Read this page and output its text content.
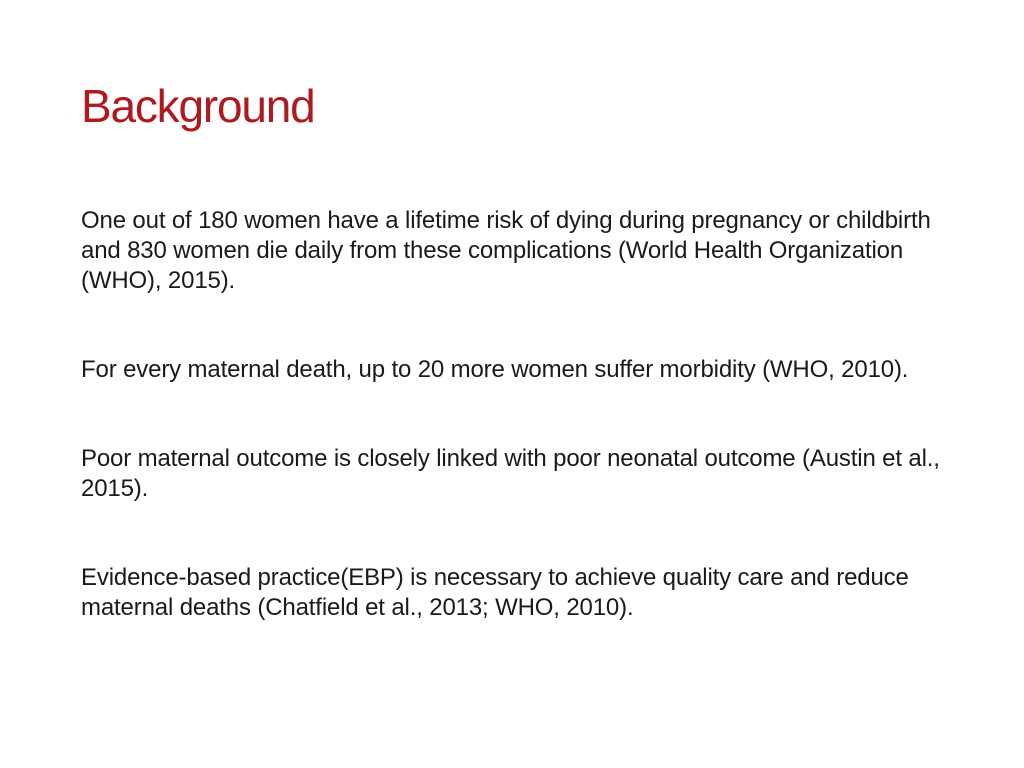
Background

One out of 180 women have a lifetime risk of dying during pregnancy or childbirth and 830 women die daily from these complications (World Health Organization (WHO), 2015).

For every maternal death, up to 20 more women suffer morbidity (WHO, 2010).

Poor maternal outcome is closely linked with poor neonatal outcome (Austin et al., 2015).

Evidence-based practice(EBP) is necessary to achieve quality care and reduce maternal deaths (Chatfield et al., 2013; WHO, 2010).
